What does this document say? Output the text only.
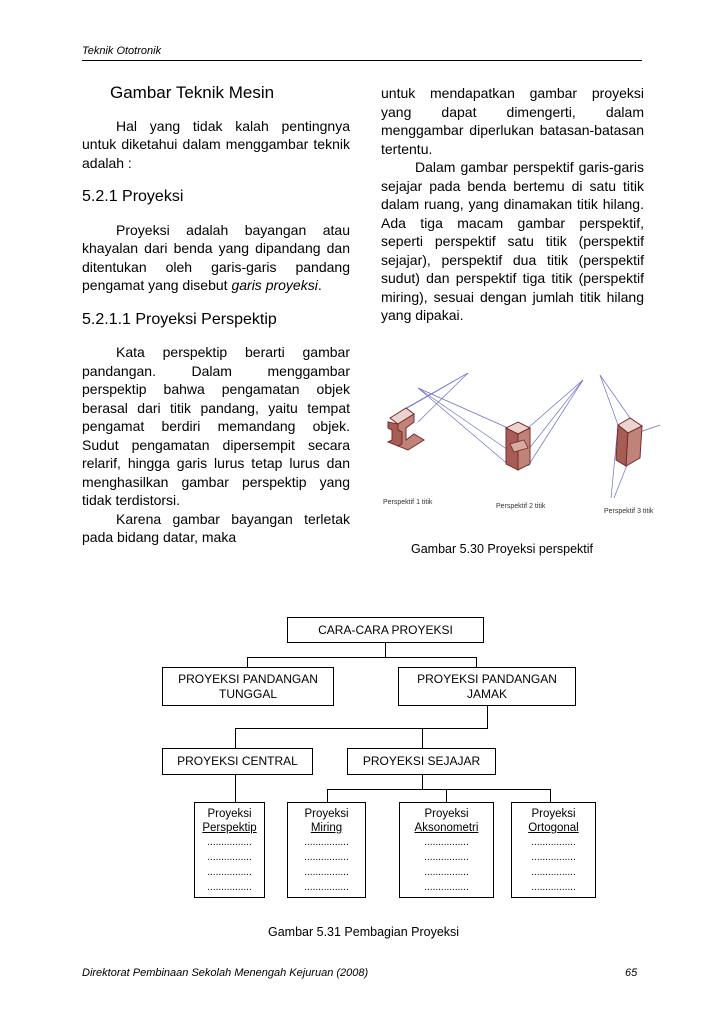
Teknik Ototronik

Gambar Teknik Mesin

Hal yang tidak kalah pentingnya untuk diketahui dalam menggambar teknik adalah :

5.2.1 Proyeksi

Proyeksi adalah bayangan atau khayalan dari benda yang dipandang dan ditentukan oleh garis-garis pandang pengamat yang disebut garis proyeksi.

5.2.1.1 Proyeksi Perspektip

Kata perspektip berarti gambar pandangan. Dalam menggambar perspektip bahwa pengamatan objek berasal dari titik pandang, yaitu tempat pengamat berdiri memandang objek. Sudut pengamatan dipersempit secara relarif, hingga garis lurus tetap lurus dan menghasilkan gambar perspektip yang tidak terdistorsi.

Karena gambar bayangan terletak pada bidang datar, maka

untuk mendapatkan gambar proyeksi yang dapat dimengerti, dalam menggambar diperlukan batasan-batasan tertentu.

Dalam gambar perspektif garis-garis sejajar pada benda bertemu di satu titik dalam ruang, yang dinamakan titik hilang. Ada tiga macam gambar perspektif, seperti perspektif satu titik (perspektif sejajar), perspektif dua titik (perspektif sudut) dan perspektif tiga titik (perspektif miring), sesuai dengan jumlah titik hilang yang dipakai.

Perspektif 1 titik
Perspektif 2 titik
Perspektif 3 titik
Gambar 5.30 Proyeksi perspektif
CARA-CARA PROYEKSI
PROYEKSI PANDANGAN
TUNGGAL
PROYEKSI PANDANGAN
JAMAK
PROYEKSI CENTRAL	PROYEKSI SEJAJAR
Proyeksi
Perspektip
................
................
................
................
Proyeksi
Miring
................
................
................
................
Proyeksi
Aksonometri
................
................
................
................
Proyeksi
Ortogonal
................
................
................
................
Gambar 5.31 Pembagian Proyeksi
Direktorat Pembinaan Sekolah Menengah Kejuruan (2008)	65
